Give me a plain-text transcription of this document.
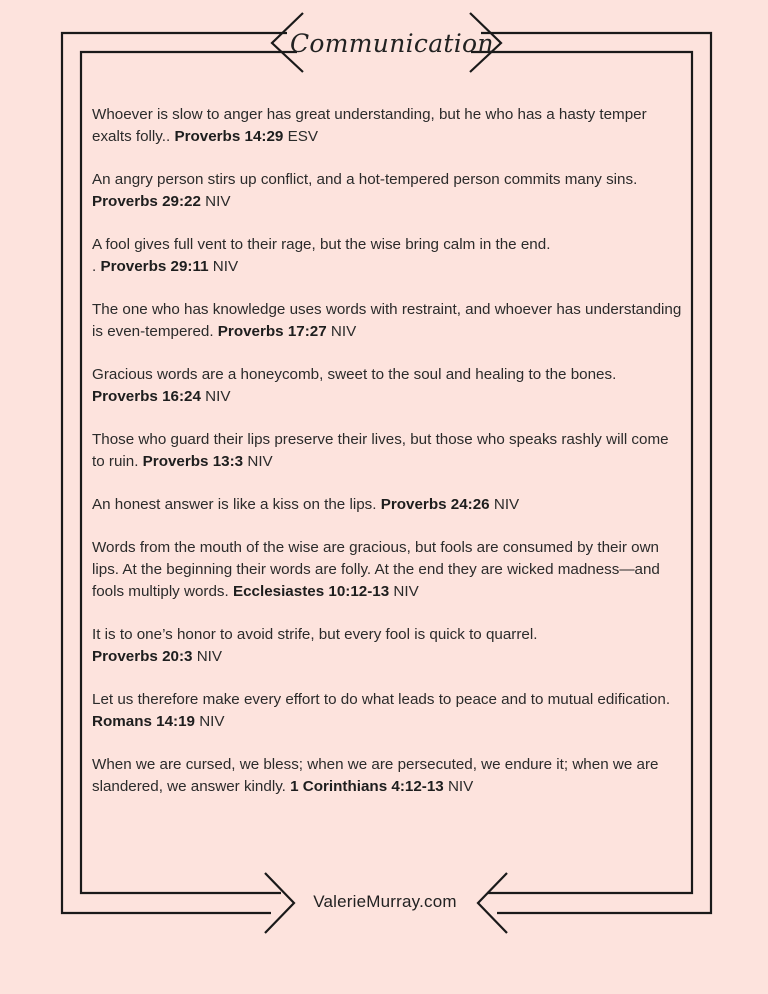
Communication

Whoever is slow to anger has great understanding, but he who has a hasty temper exalts folly.. Proverbs 14:29 ESV

An angry person stirs up conflict, and a hot-tempered person commits many sins. Proverbs 29:22 NIV

A fool gives full vent to their rage, but the wise bring calm in the end.
. Proverbs 29:11 NIV

The one who has knowledge uses words with restraint, and whoever has understanding is even-tempered. Proverbs 17:27 NIV

Gracious words are a honeycomb, sweet to the soul and healing to the bones.
Proverbs 16:24 NIV

Those who guard their lips preserve their lives, but those who speaks rashly will come to ruin. Proverbs 13:3 NIV

An honest answer is like a kiss on the lips. Proverbs 24:26 NIV

Words from the mouth of the wise are gracious, but fools are consumed by their own lips. At the beginning their words are folly. At the end they are wicked madness—and fools multiply words. Ecclesiastes 10:12-13 NIV

It is to one’s honor to avoid strife, but every fool is quick to quarrel.
Proverbs 20:3 NIV

Let us therefore make every effort to do what leads to peace and to mutual edification. Romans 14:19 NIV

When we are cursed, we bless; when we are persecuted, we endure it; when we are slandered, we answer kindly. 1 Corinthians 4:12-13 NIV

ValerieMurray.com
